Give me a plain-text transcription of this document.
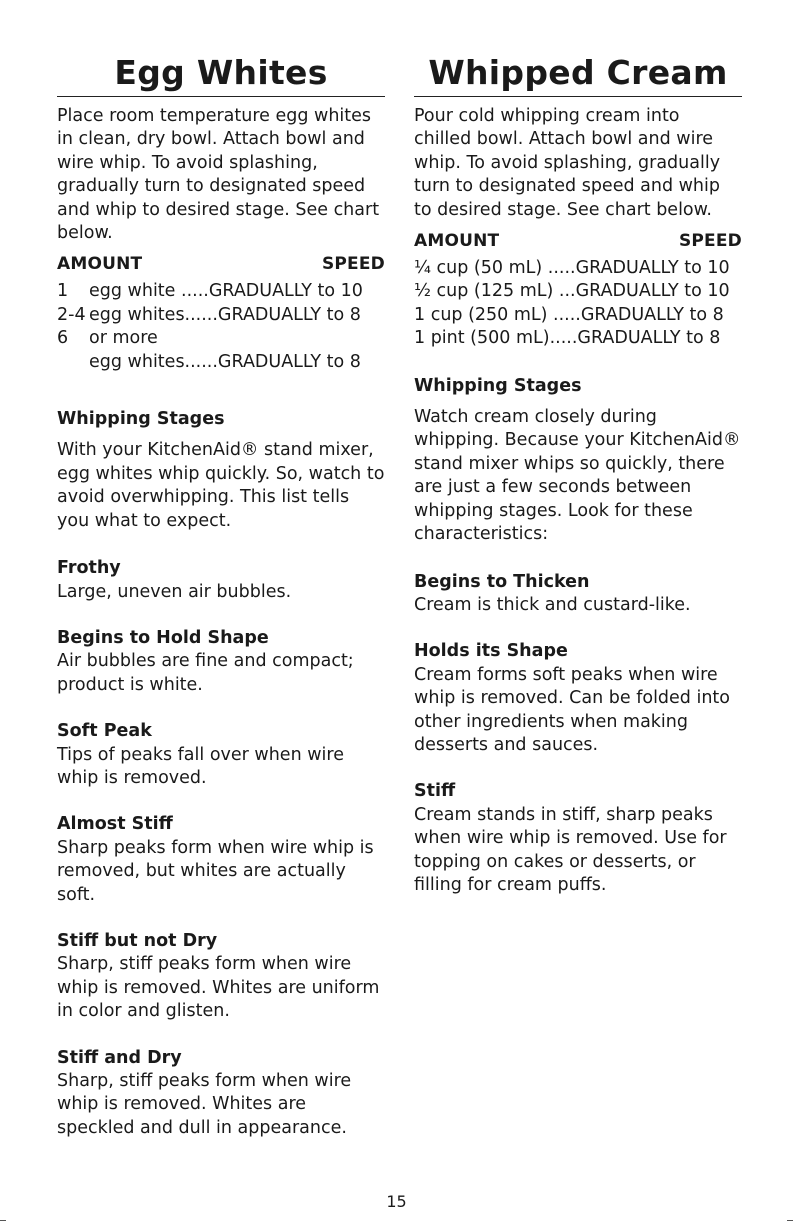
Egg Whites

Place room temperature egg whites in clean, dry bowl. Attach bowl and wire whip. To avoid splashing, gradually turn to designated speed and whip to desired stage. See chart below.

AMOUNT	SPEED
1	egg white .....GRADUALLY to 10
2-4 egg whites......GRADUALLY to 8
6	or more
egg whites......GRADUALLY to 8
Whipping Stages

With your KitchenAid® stand mixer, egg whites whip quickly. So, watch to avoid overwhipping. This list tells you what to expect.

Frothy

Large, uneven air bubbles.

Begins to Hold Shape

Air bubbles are fine and compact; product is white.

Soft Peak

Tips of peaks fall over when wire whip is removed.

Almost Stiff

Sharp peaks form when wire whip is removed, but whites are actually soft.

Stiff but not Dry

Sharp, stiff peaks form when wire whip is removed. Whites are uniform in color and glisten.

Stiff and Dry

Sharp, stiff peaks form when wire whip is removed. Whites are speckled and dull in appearance.

Whipped Cream

Pour cold whipping cream into chilled bowl. Attach bowl and wire whip. To avoid splashing, gradually turn to designated speed and whip to desired stage. See chart below.

AMOUNT	SPEED
¼ cup (50 mL) .....GRADUALLY to 10
½ cup (125 mL) ...GRADUALLY to 10
1 cup (250 mL) .....GRADUALLY to 8
1 pint (500 mL).....GRADUALLY to 8
Whipping Stages

Watch cream closely during whipping. Because your KitchenAid® stand mixer whips so quickly, there are just a few seconds between whipping stages. Look for these characteristics:

Begins to Thicken

Cream is thick and custard-like.

Holds its Shape

Cream forms soft peaks when wire whip is removed. Can be folded into other ingredients when making desserts and sauces.

Stiff

Cream stands in stiff, sharp peaks when wire whip is removed. Use for topping on cakes or desserts, or filling for cream puffs.

15
